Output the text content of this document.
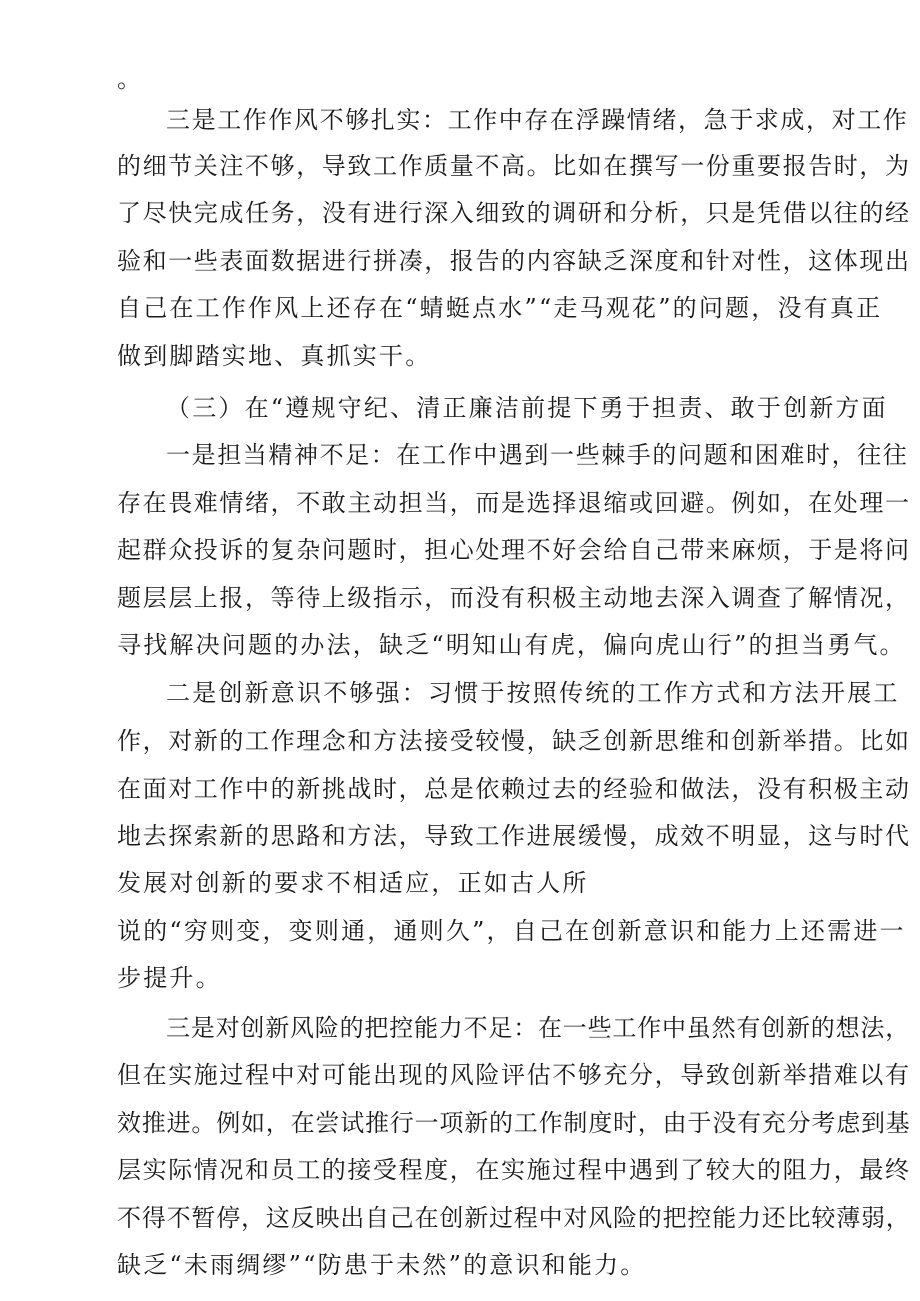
。
三是工作作风不够扎实：工作中存在浮躁情绪，急于求成，对工作
的细节关注不够，导致工作质量不高。比如在撰写一份重要报告时，为
了尽快完成任务，没有进行深入细致的调研和分析，只是凭借以往的经
验和一些表面数据进行拼凑，报告的内容缺乏深度和针对性，这体现出
自己在工作作风上还存在“蜻蜓点水”“走马观花”的问题，没有真正
做到脚踏实地、真抓实干。
（三）在“遵规守纪、清正廉洁前提下勇于担责、敢于创新方面
一是担当精神不足：在工作中遇到一些棘手的问题和困难时，往往
存在畏难情绪，不敢主动担当，而是选择退缩或回避。例如，在处理一
起群众投诉的复杂问题时，担心处理不好会给自己带来麻烦，于是将问
题层层上报，等待上级指示，而没有积极主动地去深入调查了解情况，
寻找解决问题的办法，缺乏“明知山有虎，偏向虎山行”的担当勇气。
二是创新意识不够强：习惯于按照传统的工作方式和方法开展工
作，对新的工作理念和方法接受较慢，缺乏创新思维和创新举措。比如
在面对工作中的新挑战时，总是依赖过去的经验和做法，没有积极主动
地去探索新的思路和方法，导致工作进展缓慢，成效不明显，这与时代
发展对创新的要求不相适应，正如古人所
说的“穷则变，变则通，通则久”，自己在创新意识和能力上还需进一
步提升。
三是对创新风险的把控能力不足：在一些工作中虽然有创新的想法，
但在实施过程中对可能出现的风险评估不够充分，导致创新举措难以有
效推进。例如，在尝试推行一项新的工作制度时，由于没有充分考虑到基
层实际情况和员工的接受程度，在实施过程中遇到了较大的阻力，最终
不得不暂停，这反映出自己在创新过程中对风险的把控能力还比较薄弱，
缺乏“未雨绸缪”“防患于未然”的意识和能力。
